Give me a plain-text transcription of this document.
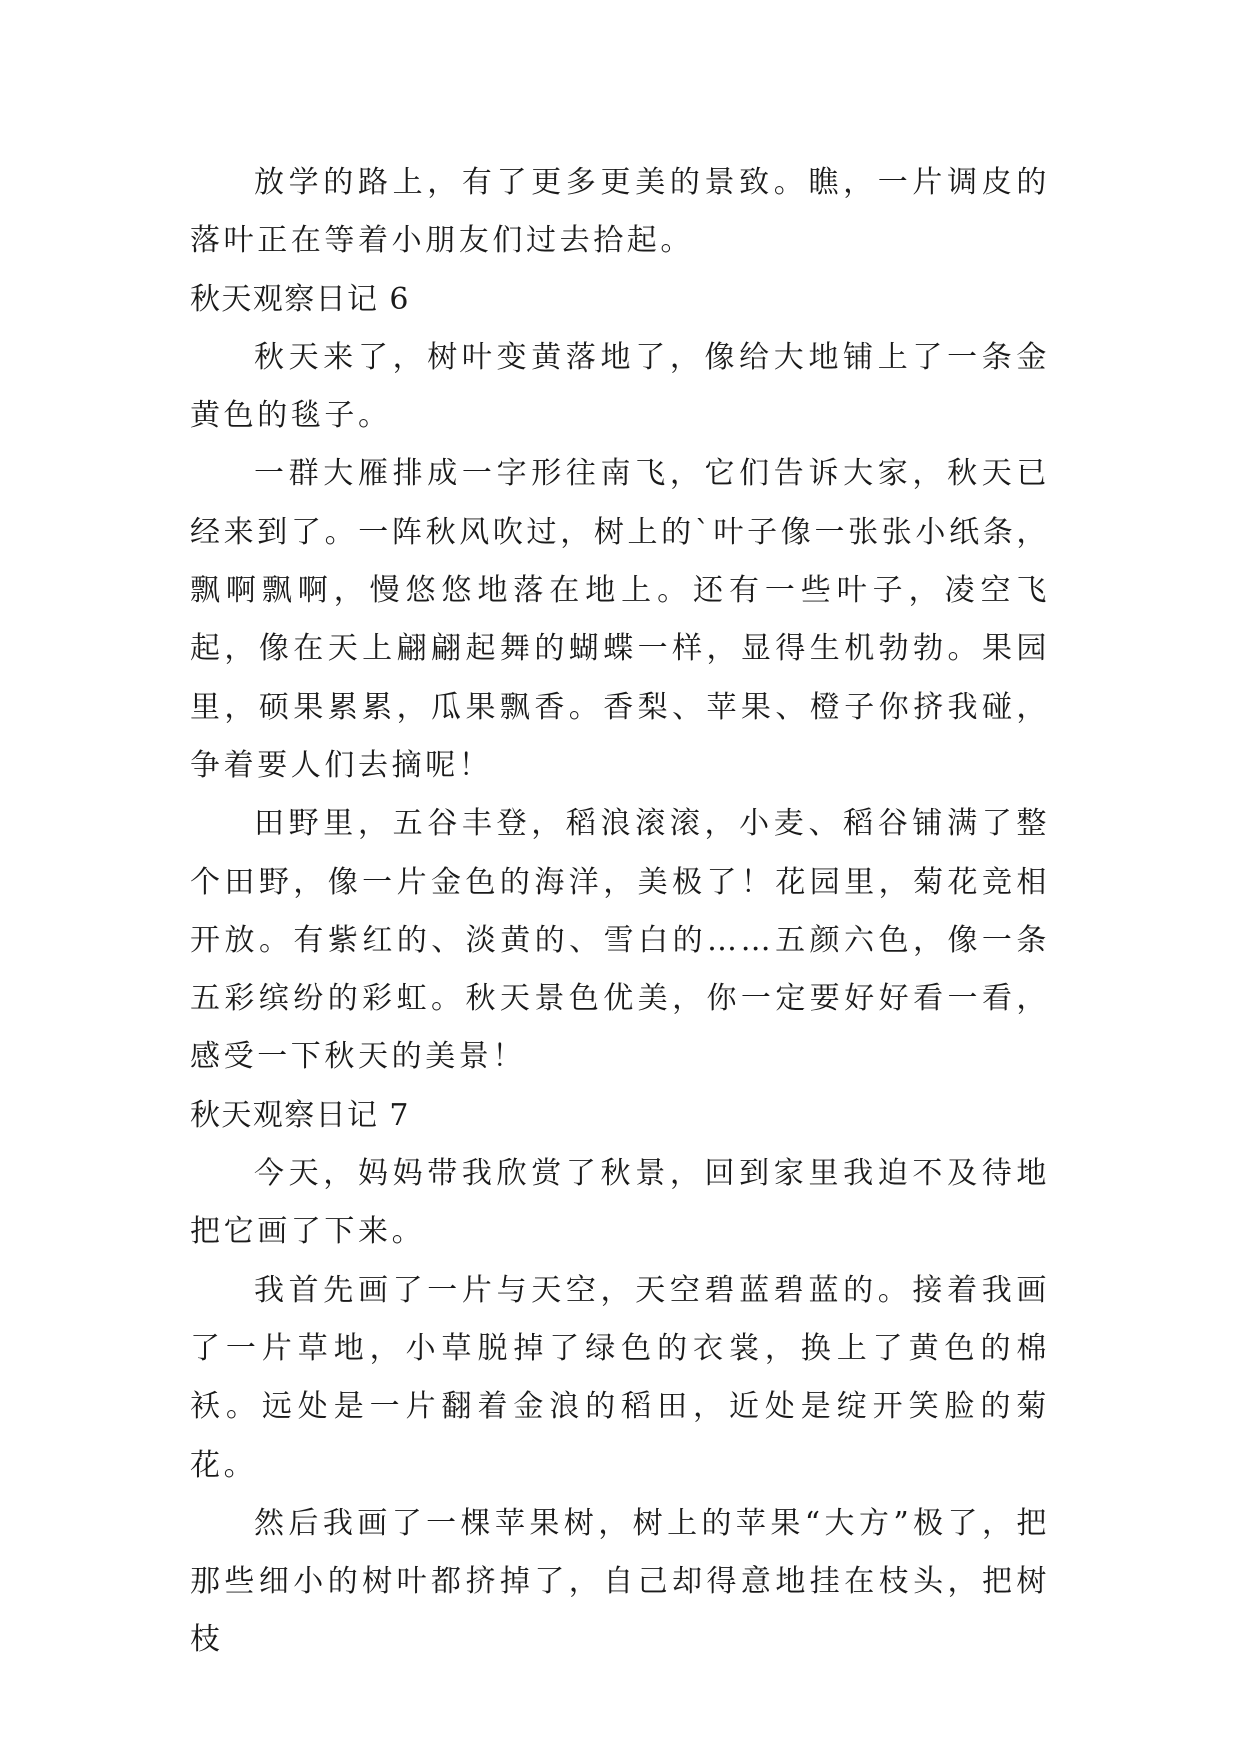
放学的路上，有了更多更美的景致。瞧，一片调皮的落叶正在等着小朋友们过去拾起。

秋天观察日记 6

秋天来了，树叶变黄落地了，像给大地铺上了一条金黄色的毯子。

一群大雁排成一字形往南飞，它们告诉大家，秋天已经来到了。一阵秋风吹过，树上的`叶子像一张张小纸条，飘啊飘啊，慢悠悠地落在地上。还有一些叶子，凌空飞起，像在天上翩翩起舞的蝴蝶一样，显得生机勃勃。果园里，硕果累累，瓜果飘香。香梨、苹果、橙子你挤我碰，争着要人们去摘呢！

田野里，五谷丰登，稻浪滚滚，小麦、稻谷铺满了整个田野，像一片金色的海洋，美极了！花园里，菊花竞相开放。有紫红的、淡黄的、雪白的……五颜六色，像一条五彩缤纷的彩虹。秋天景色优美，你一定要好好看一看，感受一下秋天的美景！

秋天观察日记 7

今天，妈妈带我欣赏了秋景，回到家里我迫不及待地把它画了下来。

我首先画了一片与天空，天空碧蓝碧蓝的。接着我画了一片草地，小草脱掉了绿色的衣裳，换上了黄色的棉袄。远处是一片翻着金浪的稻田，近处是绽开笑脸的菊花。

然后我画了一棵苹果树，树上的苹果“大方”极了，把那些细小的树叶都挤掉了，自己却得意地挂在枝头，把树枝
